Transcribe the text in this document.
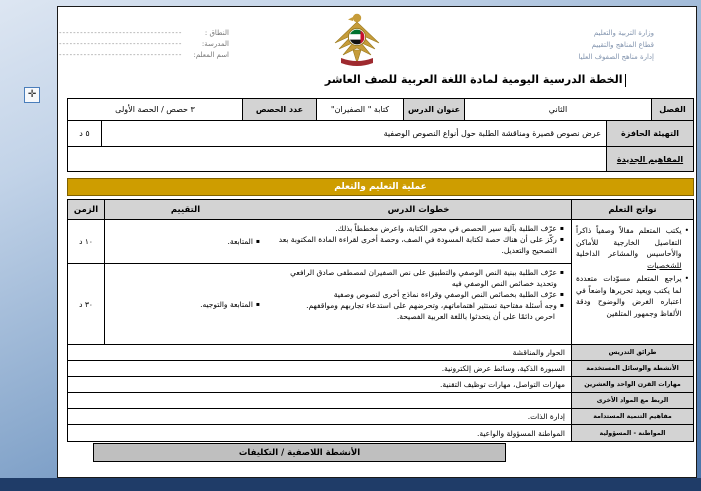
وزارة التربية والتعليم
قطاع المناهج والتقييم
إدارة مناهج الصفوف العليا
النطاق :
-----------------------------------
المدرسة:
-----------------------------------
اسم المعلم:
-----------------------------------
الخطة الدرسية اليومية لمادة اللغة العربية للصف العاشر
✛
الفصل
الثاني
عنوان الدرس
كتابة " الصفيران"
عدد الحصص
٣ حصص / الحصة الأولى
التهيئة الحافزة
عرض نصوص قصيرة ومناقشة الطلبة حول أنواع النصوص الوصفية
٥ د
المفاهيم الجديدة
عملية التعليم والتعلم
نواتج التعلم
•
يكتب المتعلم مقالاً وصفياً ذاكراً التفاصيل الخارجية للأماكن والأحاسيس والمشاعر الداخلية للشخصيات
•
يراجع المتعلم مسوّدات متعددة لما يكتب ويعيد تحريرها واضعاً في اعتباره الغرض والوضوح ودقة الألفاظ وجمهور المتلقين
خطوات الدرس
التقييم
الزمن
▪
عرّف الطلبة بآلية سير الحصص في محور الكتابة، واعرض مخططاً بذلك.
▪
ركّز على أن هناك حصة لكتابة المسودة في الصف، وحصة أخرى لقراءة المادة المكتوبة بعد التصحيح والتعديل.
▪
المتابعة.
١٠ د
▪
عرّف الطلبة ببنية النص الوصفي والتطبيق على نص الصفيران لمصطفى صادق الرافعي وتحديد خصائص النص الوصفي فيه
▪
عرّف الطلبة بخصائص النص الوصفي وقراءة نماذج أخرى لنصوص وصفية
▪
وجه أسئلة مفتاحية تستثير اهتماماتهم، وتحرضهم على استدعاء تجاربهم ومواقفهم.
احرص دائمًا على أن يتحدثوا باللغة العربية الفصيحة.
▪
المتابعة والتوجيه.
٣٠ د
طرائق التدريس
الحوار والمناقشة
الأنشطة والوسائل المستخدمة
السبورة الذكية، وسائط عرض إلكترونية.
مهارات القرن الواحد والعشرين
مهارات التواصل، مهارات توظيف التقنية.
الربط مع المواد الأخرى
مفاهيم التنمية المستدامة
إدارة الذات.
المواطنة - المسؤولية
المواطنة المسؤولة والواعية.
الأنشطة اللاصفية / التكليفات
